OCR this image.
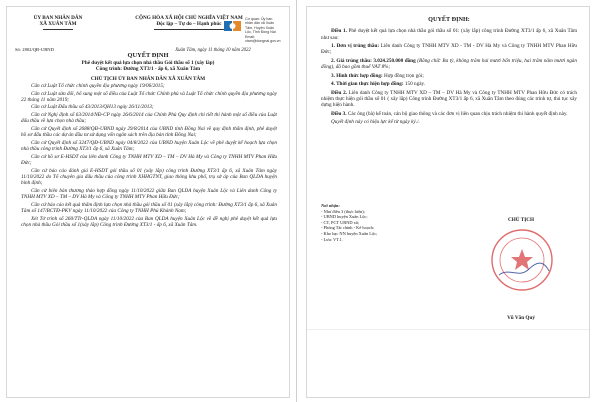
ỦY BAN NHÂN DÂN
XÃ XUÂN TÂM
CỘNG HÒA XÃ HỘI CHỦ NGHĨA VIỆT NAM
Độc lập – Tự do – Hạnh phúc
Cơ quan: Ủy ban
nhân dân xã Xuân
Tâm, Huyện Xuân
Lộc, Tỉnh Đồng Nai
Email:
xtam@dongnai.gov.vn
Số: 2802/QĐ-UBND	Xuân Tâm, ngày 11 tháng 10 năm 2022
QUYẾT ĐỊNH
Phê duyệt kết quả lựa chọn nhà thầu Gói thầu số 1 (xây lắp)
Công trình: Đường XT3/1 - ấp 6, xã Xuân Tâm
CHỦ TỊCH ỦY BAN NHÂN DÂN XÃ XUÂN TÂM

Căn cứ Luật Tổ chức chính quyền địa phương ngày 19/06/2015;

Căn cứ Luật sửa đổi, bổ sung một số điều của Luật Tổ chức Chính phủ và Luật Tổ chức chính quyền địa phương ngày 22 tháng 11 năm 2019;

Căn cứ Luật Đấu thầu số 43/2013/QH13 ngày 26/11/2013;

Căn cứ Nghị định số 63/2014/NĐ-CP ngày 26/6/2014 của Chính Phủ Quy định chi tiết thi hành một số điều của Luật đấu thầu về lựa chọn nhà thầu;

Căn cứ Quyết định số 2688/QĐ-UBND ngày 29/8/2014 của UBND tỉnh Đồng Nai về quy định thẩm định, phê duyệt hồ sơ đấu thầu các dự án đầu tư sử dụng vốn ngân sách trên địa bàn tỉnh Đồng Nai;

Căn cứ Quyết định số 3247/QĐ-UBND ngày 04/8/2022 của UBND huyện Xuân Lộc về phê duyệt kế hoạch lựa chọn nhà thầu công trình Đường XT3/1 ấp 6, xã Xuân Tâm;

Căn cứ hồ sơ E-HSDT của liên danh Công ty TNHH MTV XD – TM – DV Hà My và Công ty TNHH MTV Phan Hữu Đức;

Căn cứ báo cáo đánh giá E-HSDT gói thầu số 01 (xây lắp) công trình Đường XT3/1 ấp 6, xã Xuân Tâm ngày 11/10/2022 do Tổ chuyên gia đấu thầu của công trình XHHGTNT, giao thông khu phố, trụ sở áp của Ban QLDA huyện bình định;

Căn cứ biên bản thương thảo hợp đồng ngày 11/10/2022 giữa Ban QLDA huyện Xuân Lộc và Liên danh Công ty TNHH MTV XD – TM – DV Hà My và Công ty TNHH MTV Phan Hữu Đức;

Căn cứ báo cáo kết quả thẩm định lựa chọn nhà thầu gói thầu số 01 (xây lắp) công trình: Đường XT3/1 ấp 6, xã Xuân Tâm số 147/BCTĐ-PKV ngày 11/10/2022 của Công ty TNHH Phú Khánh Nam;

Xét Tờ trình số 260/TTr-QLDA ngày 11/10/2022 của Ban QLDA huyện Xuân Lộc về đề nghị phê duyệt kết quả lựa chọn nhà thầu Gói thầu số 1(xây lắp) Công trình Đường XT3/1 - ấp 6, xã Xuân Tâm.

QUYẾT ĐỊNH:

Điều 1. Phê duyệt kết quả lựa chọn nhà thầu gói thầu số 01: (xây lắp) công trình Đường XT3/1 ấp 6, xã Xuân Tâm như sau:

1. Đơn vị trúng thầu: Liên danh Công ty TNHH MTV XD - TM - DV Hà My và Công ty TNHH MTV Phan Hữu Đức;

2. Giá trúng thầu: 3.024.250.000 đồng (Bằng chữ: Ba tỷ, không trăm hai mươi bốn triệu, hai trăm năm mươi ngàn đồng), đã bao gồm thuế VAT 8%;

3. Hình thức hợp đồng: Hợp đồng trọn gói;

4. Thời gian thực hiện hợp đồng: 150 ngày.

Điều 2. Liên danh Công ty TNHH MTV XD – TM – DV Hà My và Công ty TNHH MTV Phan Hữu Đức có trách nhiệm thực hiện gói thầu số 01 ( xây lắp) Công trình Đường XT3/1 ấp 6, xã Xuân Tâm theo đúng các trình tự, thủ tục xây dựng hiện hành.

Điều 3. Các ông (bà) kế toán, cán bộ giao thông và các đơn vị liên quan chịu trách nhiệm thi hành quyết định này.

Quyết định này có hiệu lực kể từ ngày ký./.

Nơi nhận:
- Như điều 3 (thực hiện);
- UBND huyện Xuân Lộc;
- CT, PCT UBND xã;
- Phòng Tài chính - Kế hoạch;
- Kho bạc NN huyện Xuân Lộc;
- Lưu: VT.1.
CHỦ TỊCH
Vũ Văn Quý
